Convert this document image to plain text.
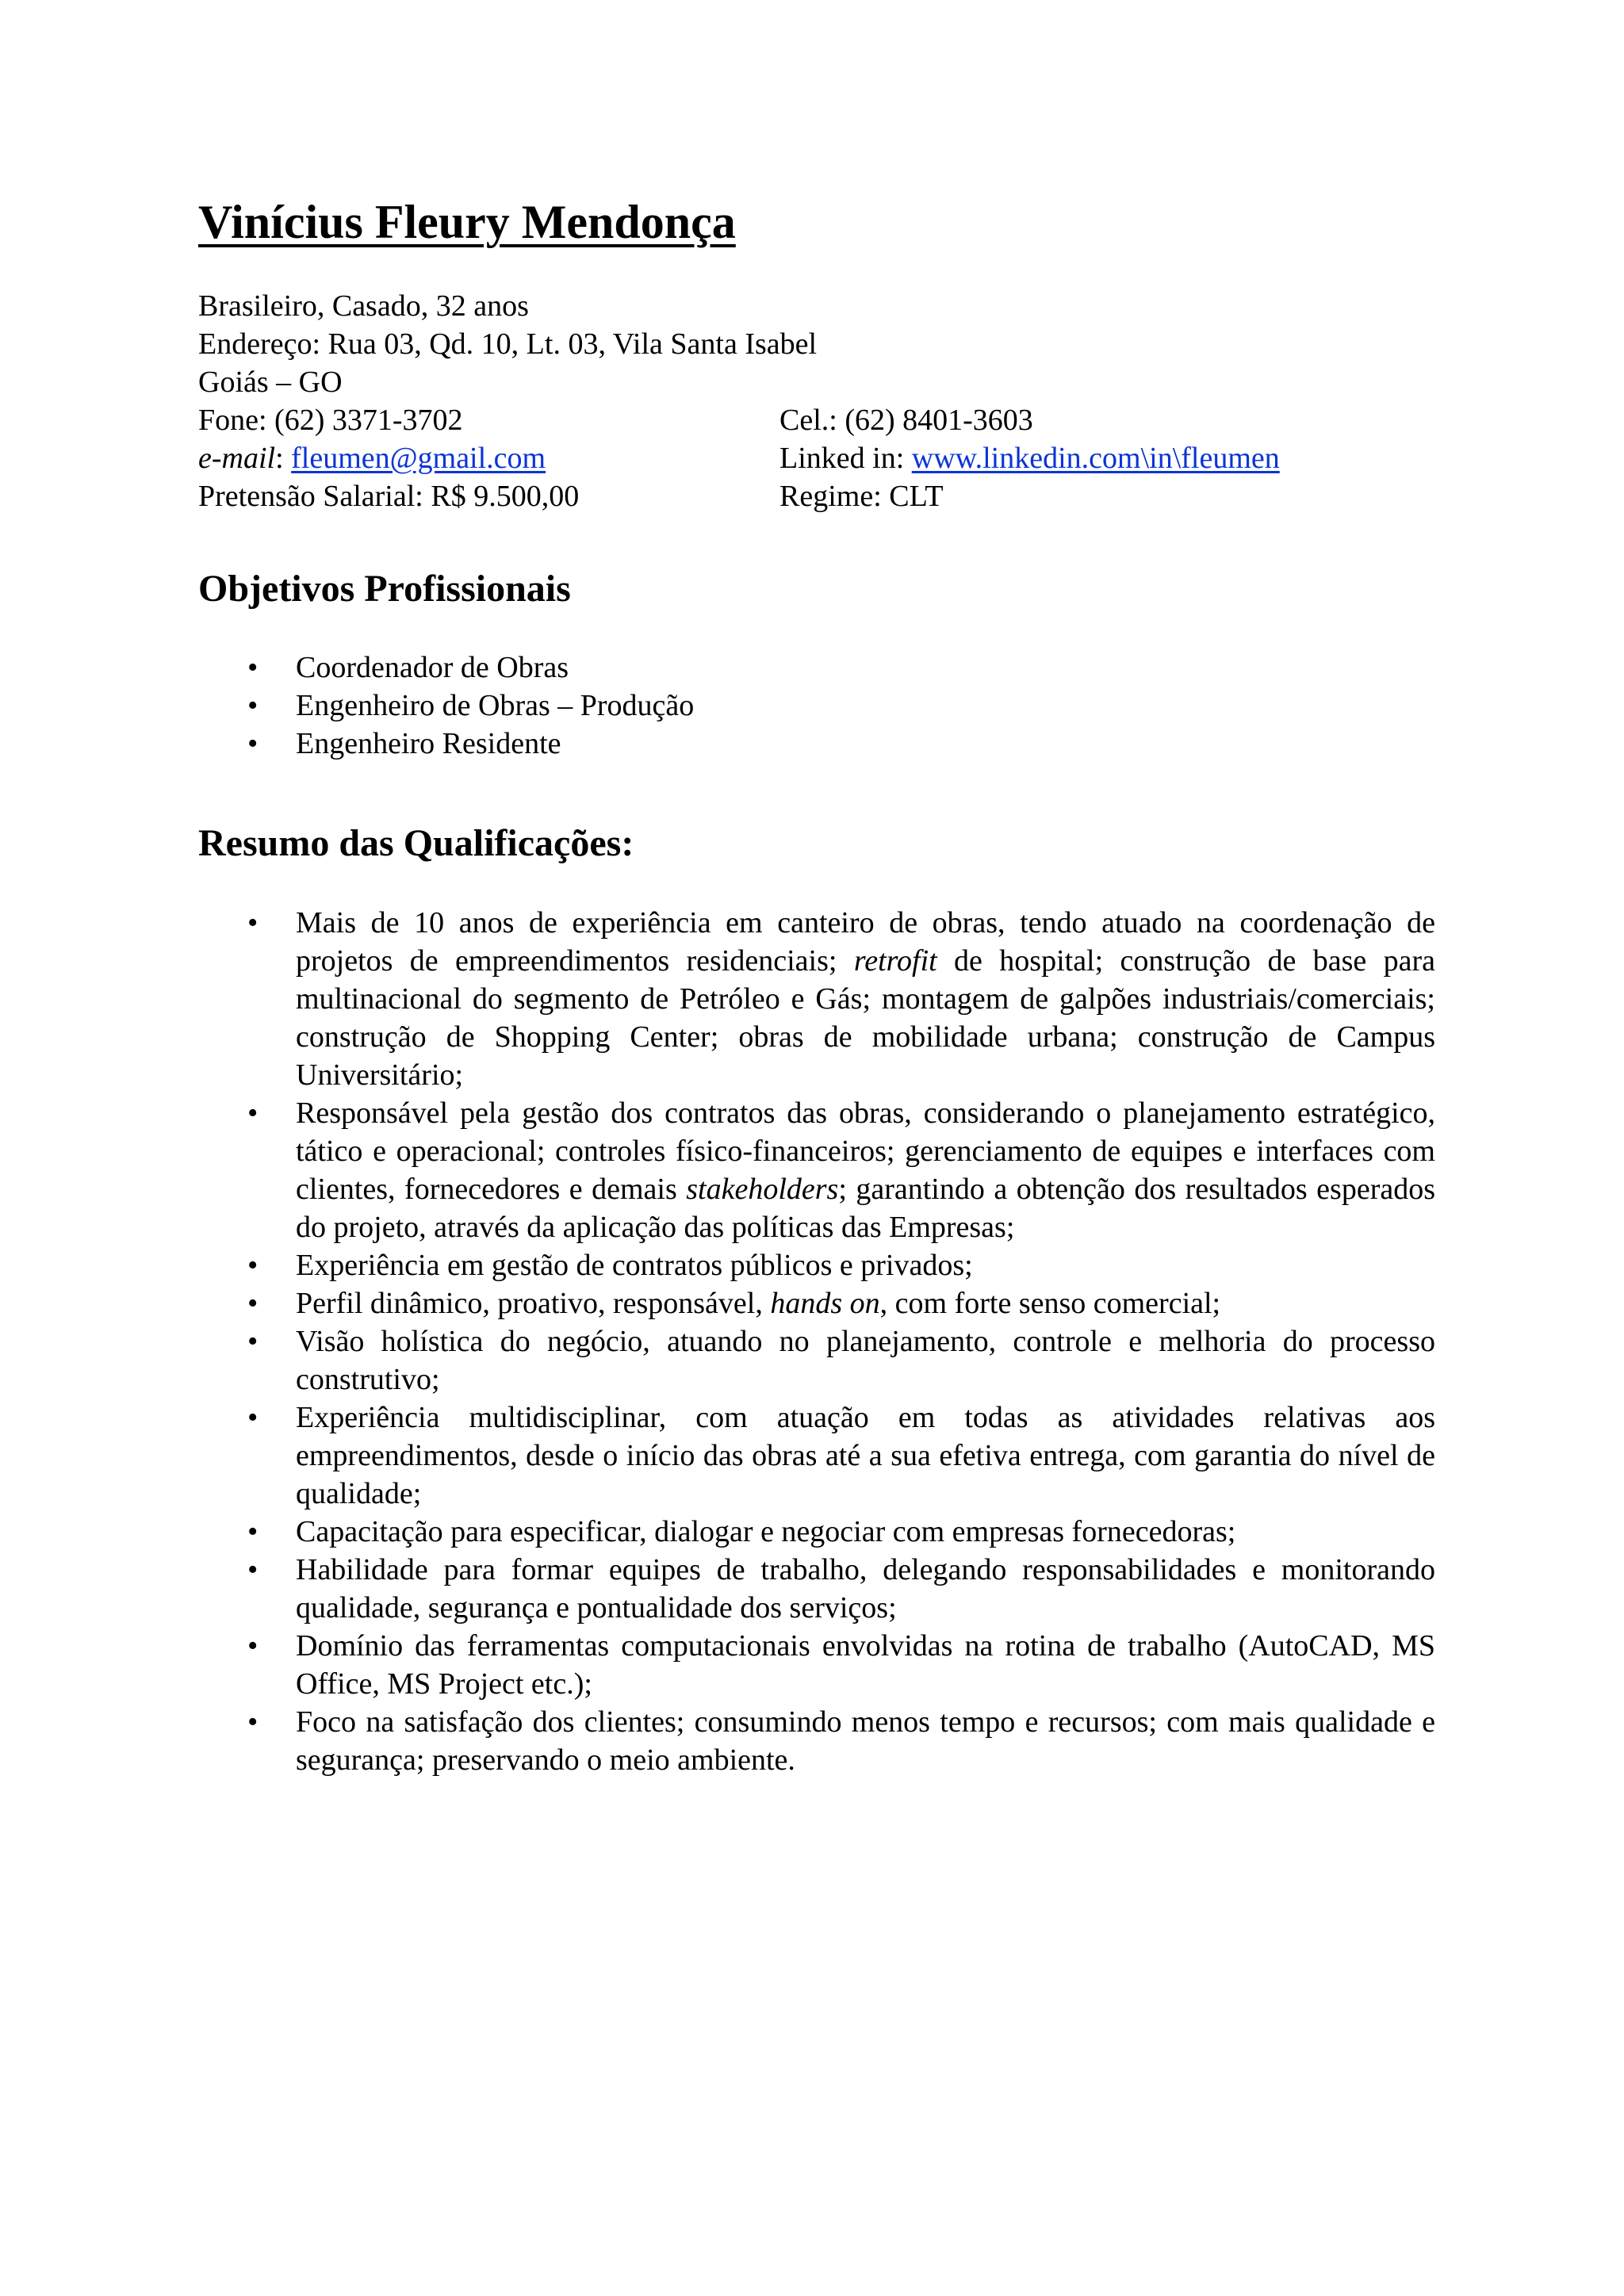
Vinícius Fleury Mendonça
Brasileiro, Casado, 32 anos
Endereço: Rua 03, Qd. 10, Lt. 03, Vila Santa Isabel
Goiás – GO
Fone: (62) 3371-3702	Cel.: (62) 8401-3603
e-mail: fleumen@gmail.com	Linked in: www.linkedin.com\in\fleumen
Pretensão Salarial: R$ 9.500,00	Regime: CLT
Objetivos Profissionais
• Coordenador de Obras
• Engenheiro de Obras – Produção
• Engenheiro Residente
Resumo das Qualificações:
• Mais de 10 anos de experiência em canteiro de obras, tendo atuado na coordenação de projetos de empreendimentos residenciais; retrofit de hospital; construção de base para multinacional do segmento de Petróleo e Gás; montagem de galpões industriais/comerciais; construção de Shopping Center; obras de mobilidade urbana; construção de Campus Universitário;
• Responsável pela gestão dos contratos das obras, considerando o planejamento estratégico, tático e operacional; controles físico-financeiros; gerenciamento de equipes e interfaces com clientes, fornecedores e demais stakeholders; garantindo a obtenção dos resultados esperados do projeto, através da aplicação das políticas das Empresas;
• Experiência em gestão de contratos públicos e privados;
• Perfil dinâmico, proativo, responsável, hands on, com forte senso comercial;
• Visão holística do negócio, atuando no planejamento, controle e melhoria do processo construtivo;
• Experiência multidisciplinar, com atuação em todas as atividades relativas aos empreendimentos, desde o início das obras até a sua efetiva entrega, com garantia do nível de qualidade;
• Capacitação para especificar, dialogar e negociar com empresas fornecedoras;
• Habilidade para formar equipes de trabalho, delegando responsabilidades e monitorando qualidade, segurança e pontualidade dos serviços;
• Domínio das ferramentas computacionais envolvidas na rotina de trabalho (AutoCAD, MS Office, MS Project etc.);
• Foco na satisfação dos clientes; consumindo menos tempo e recursos; com mais qualidade e segurança; preservando o meio ambiente.
